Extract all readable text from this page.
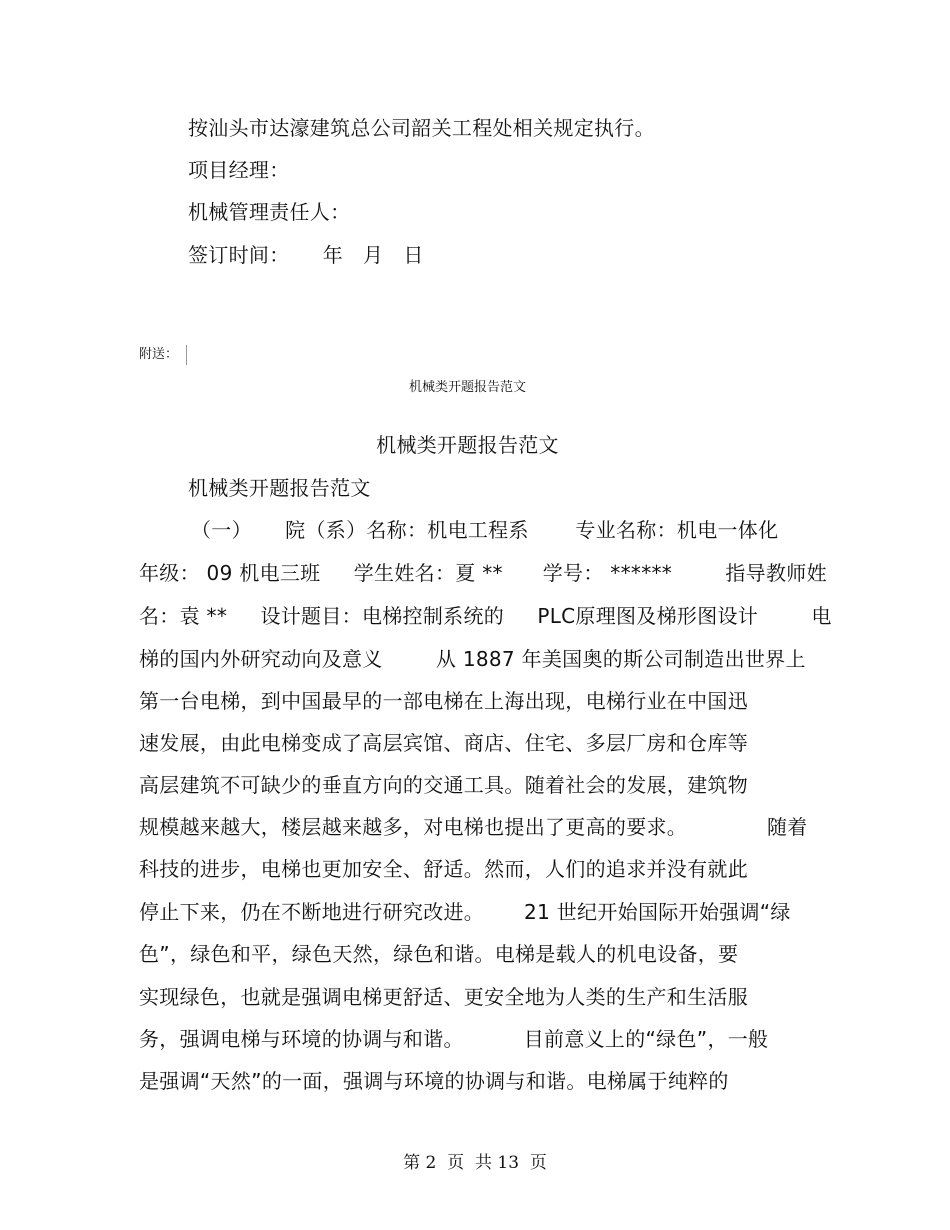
按汕头市达濠建筑总公司韶关工程处相关规定执行。
项目经理：
机械管理责任人：
签订时间：     年   月   日
附送：
机械类开题报告范文
机械类开题报告范文
机械类开题报告范文
（一）     院（系）名称：机电工程系       专业名称：机电一体化
年级： 09 机电三班     学生姓名：夏 **      学号： ******        指导教师姓
名：袁 **     设计题目：电梯控制系统的     PLC原理图及梯形图设计        电
梯的国内外研究动向及意义        从 1887 年美国奥的斯公司制造出世界上
第一台电梯，到中国最早的一部电梯在上海出现，电梯行业在中国迅
速发展，由此电梯变成了高层宾馆、商店、住宅、多层厂房和仓库等
高层建筑不可缺少的垂直方向的交通工具。随着社会的发展，建筑物
规模越来越大，楼层越来越多，对电梯也提出了更高的要求。            随着
科技的进步，电梯也更加安全、舒适。然而，人们的追求并没有就此
停止下来，仍在不断地进行研究改进。      21 世纪开始国际开始强调“绿
色”，绿色和平，绿色天然，绿色和谐。电梯是载人的机电设备，要
实现绿色，也就是强调电梯更舒适、更安全地为人类的生产和生活服
务，强调电梯与环境的协调与和谐。         目前意义上的“绿色”，一般
是强调“天然”的一面，强调与环境的协调与和谐。电梯属于纯粹的
第 2  页  共 13  页
